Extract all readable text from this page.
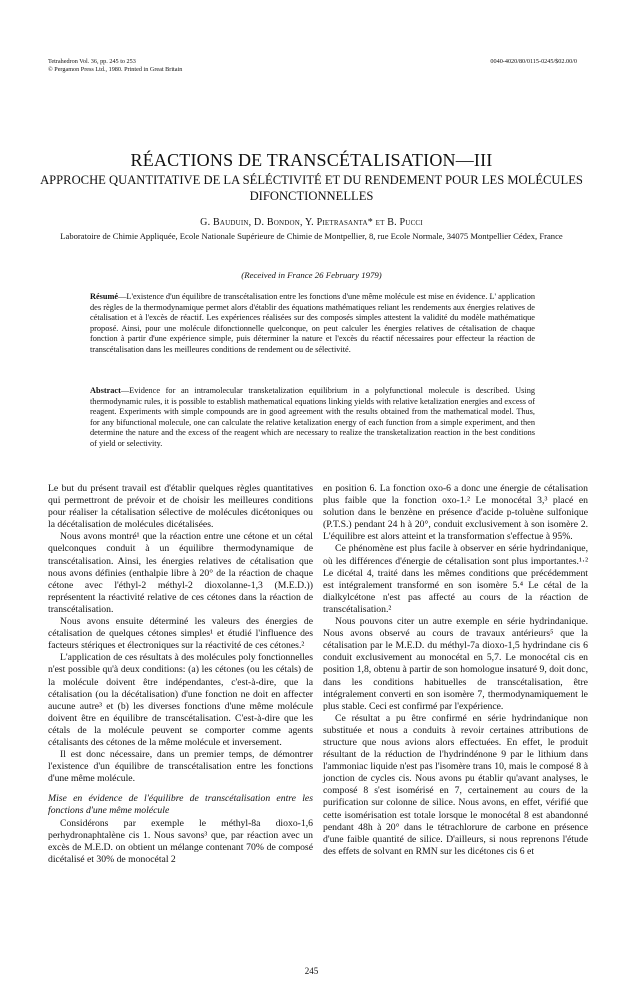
Tetrahedron Vol. 36, pp. 245 to 253
© Pergamon Press Ltd., 1980. Printed in Great Britain
0040-4020/80/0115-0245/$02.00/0
RÉACTIONS DE TRANSCÉTALISATION—III
APPROCHE QUANTITATIVE DE LA SÉLÉCTIVITÉ ET DU RENDEMENT POUR LES MOLÉCULES DIFONCTIONNELLES
G. Bauduin, D. Bondon, Y. Pietrasanta* et B. Pucci
Laboratoire de Chimie Appliquée, Ecole Nationale Supérieure de Chimie de Montpellier, 8, rue Ecole Normale, 34075 Montpellier Cédex, France
(Received in France 26 February 1979)
Résumé—L'existence d'un équilibre de transcétalisation entre les fonctions d'une même molécule est mise en évidence. L' application des règles de la thermodynamique permet alors d'établir des équations mathématiques reliant les rendements aux énergies relatives de cétalisation et à l'excès de réactif. Les expériences réalisées sur des composés simples attestent la validité du modèle mathématique proposé. Ainsi, pour une molécule difonctionnelle quelconque, on peut calculer les énergies relatives de cétalisation de chaque fonction à partir d'une expérience simple, puis déterminer la nature et l'excès du réactif nécessaires pour effecteur la réaction de transcétalisation dans les meilleures conditions de rendement ou de sélectivité.
Abstract—Evidence for an intramolecular transketalization equilibrium in a polyfunctional molecule is described. Using thermodynamic rules, it is possible to establish mathematical equations linking yields with relative ketalization energies and excess of reagent. Experiments with simple compounds are in good agreement with the results obtained from the mathematical model. Thus, for any bifunctional molecule, one can calculate the relative ketalization energy of each function from a simple experiment, and then determine the nature and the excess of the reagent which are necessary to realize the transketalization reaction in the best conditions of yield or selectivity.

Le but du présent travail est d'établir quelques règles quantitatives qui permettront de prévoir et de choisir les meilleures conditions pour réaliser la cétalisation sélective de molécules dicétoniques ou la décétalisation de molécules dicétalisées.

Nous avons montré¹ que la réaction entre une cétone et un cétal quelconques conduit à un équilibre thermodynamique de transcétalisation. Ainsi, les énergies relatives de cétalisation que nous avons définies (enthalpie libre à 20° de la réaction de chaque cétone avec l'éthyl-2 méthyl-2 dioxolanne-1,3 (M.E.D.)) représentent la réactivité relative de ces cétones dans la réaction de transcétalisation.

Nous avons ensuite déterminé les valeurs des énergies de cétalisation de quelques cétones simples¹ et étudié l'influence des facteurs stériques et électroniques sur la réactivité de ces cétones.²

L'application de ces résultats à des molécules poly fonctionnelles n'est possible qu'à deux conditions: (a) les cétones (ou les cétals) de la molécule doivent être indépendantes, c'est-à-dire, que la cétalisation (ou la décétalisation) d'une fonction ne doit en affecter aucune autre³ et (b) les diverses fonctions d'une même molécule doivent être en équilibre de transcétalisation. C'est-à-dire que les cétals de la molécule peuvent se comporter comme agents cétalisants des cétones de la même molécule et inversement.

Il est donc nécessaire, dans un premier temps, de démontrer l'existence d'un équilibre de transcétalisation entre les fonctions d'une même molécule.

Mise en évidence de l'équilibre de transcétalisation entre les fonctions d'une même molécule

Considérons par exemple le méthyl-8a dioxo-1,6 perhydronaphtalène cis 1. Nous savons³ que, par réaction avec un excès de M.E.D. on obtient un mélange contenant 70% de composé dicétalisé et 30% de monocétal 2

en position 6. La fonction oxo-6 a donc une énergie de cétalisation plus faible que la fonction oxo-1.² Le monocétal 3,³ placé en solution dans le benzène en présence d'acide p-toluène sulfonique (P.T.S.) pendant 24 h à 20°, conduit exclusivement à son isomère 2. L'équilibre est alors atteint et la transformation s'effectue à 95%.

Ce phénomène est plus facile à observer en série hydrindanique, où les différences d'énergie de cétalisation sont plus importantes.¹·² Le dicétal 4, traité dans les mêmes conditions que précédemment est intégralement transformé en son isomère 5.⁴ Le cétal de la dialkylcétone n'est pas affecté au cours de la réaction de transcétalisation.²

Nous pouvons citer un autre exemple en série hydrindanique. Nous avons observé au cours de travaux antérieurs⁵ que la cétalisation par le M.E.D. du méthyl-7a dioxo-1,5 hydrindane cis 6 conduit exclusivement au monocétal en 5,7. Le monocétal cis en position 1,8, obtenu à partir de son homologue insaturé 9, doit donc, dans les conditions habituelles de transcétalisation, être intégralement converti en son isomère 7, thermodynamiquement le plus stable. Ceci est confirmé par l'expérience.

Ce résultat a pu être confirmé en série hydrindanique non substituée et nous a conduits à revoir certaines attributions de structure que nous avions alors effectuées. En effet, le produit résultant de la réduction de l'hydrindénone 9 par le lithium dans l'ammoniac liquide n'est pas l'isomère trans 10, mais le composé 8 à jonction de cycles cis. Nous avons pu établir qu'avant analyses, le composé 8 s'est isomérisé en 7, certainement au cours de la purification sur colonne de silice. Nous avons, en effet, vérifié que cette isomérisation est totale lorsque le monocétal 8 est abandonné pendant 48h à 20° dans le tétrachlorure de carbone en présence d'une faible quantité de silice. D'ailleurs, si nous reprenons l'étude des effets de solvant en RMN sur les dicétones cis 6 et

245
